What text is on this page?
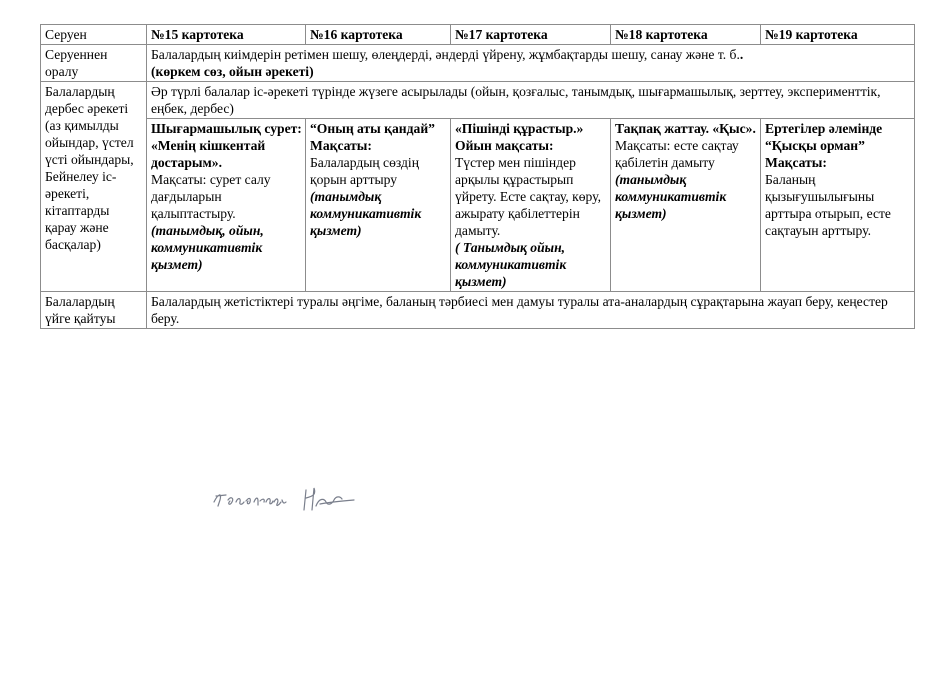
Серуен	№15 картотека	№16 картотека	№17 картотека	№18 картотека	№19 картотека
Серуеннен оралу	Балалардың киімдерін ретімен шешу, өлеңдерді, әндерді үйрену, жұмбақтарды шешу, санау және т. б..
(көркем сөз, ойын әрекеті)				

Балалардың дербес әрекеті (аз қимылды ойындар, үстел үсті ойындары, Бейнелеу іс-әрекеті, кітаптарды қарау және басқалар)	Әр түрлі балалар іс-әрекеті түрінде жүзеге асырылады (ойын, қозғалыс, танымдық, шығармашылық, зерттеу, эксперименттік, еңбек, дербес)				

	Шығармашылық сурет: «Менің кішкентай достарым».
Мақсаты: сурет салу дағдыларын қалыптастыру.
(танымдық, ойын, коммуникативтік қызмет)	“Оның аты қандай”
Мақсаты:
Балалардың сөздің қорын арттыру
(танымдық коммуникативтік қызмет)	«Пішінді құрастыр.»
Ойын мақсаты:
Түстер мен пішіндер арқылы құрастырып үйрету. Есте сақтау, көру, ажырату қабілеттерін дамыту.
( Танымдық ойын, коммуникативтік қызмет)	Тақпақ жаттау. «Қыс».
Мақсаты: есте сақтау қабілетін дамыту (танымдық коммуникативтік қызмет)	Ертегілер әлемінде “Қысқы орман”
Мақсаты:
Баланың қызығушылығыны арттыра отырып, есте сақтауын арттыру.

Балалардың үйге қайтуы	Балалардың жетістіктері туралы әңгіме, баланың тәрбиесі мен дамуы туралы ата-аналардың сұрақтарына жауап беру, кеңестер беру.				
